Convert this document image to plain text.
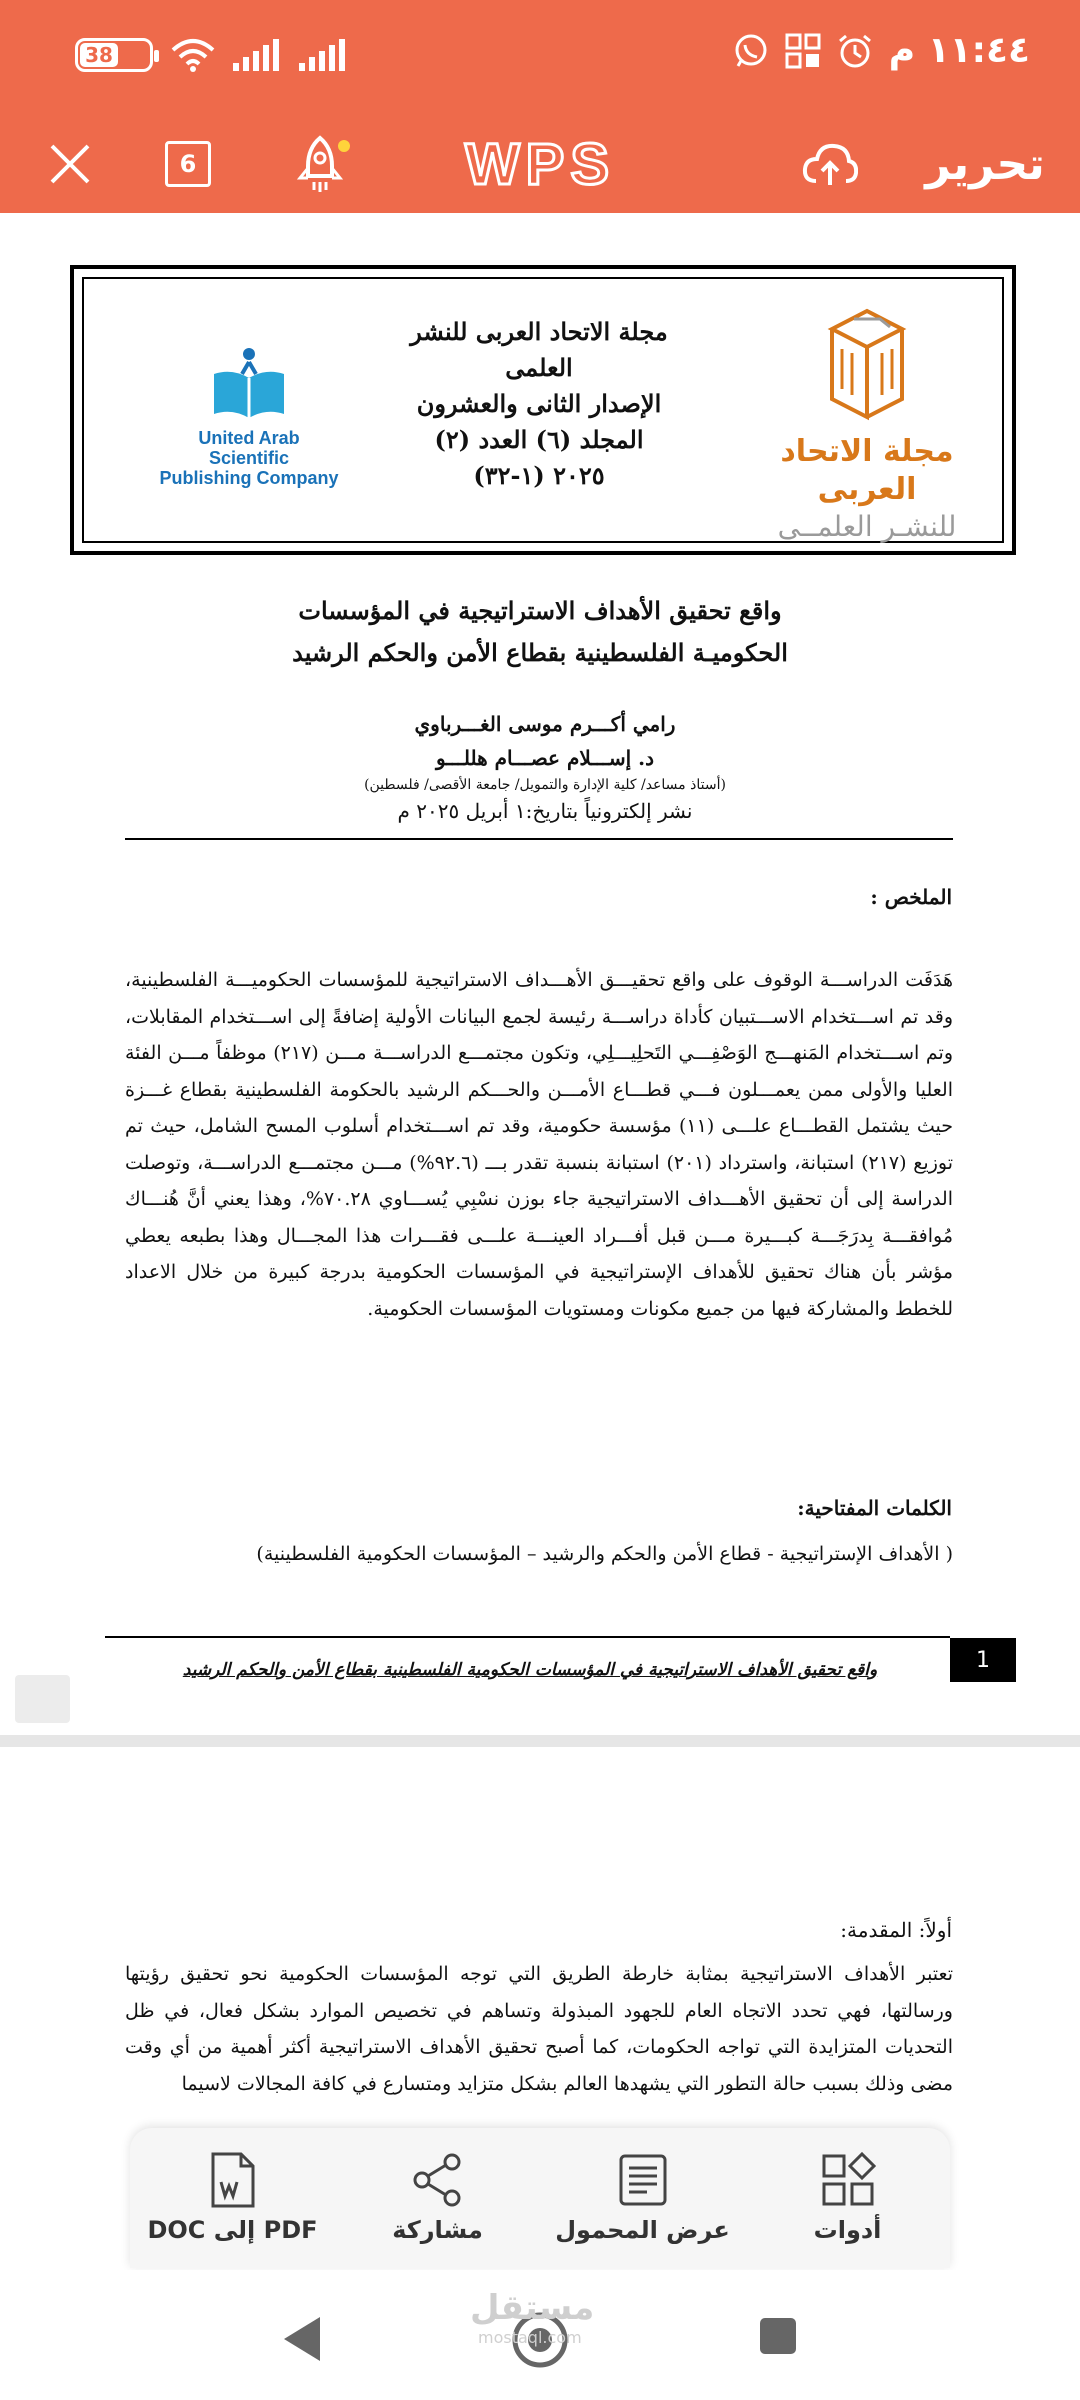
38	١١:٤٤ م
6	WPS	تحرير
United Arab Scientific
Publishing Company
مجلة الاتحاد العربى للنشر العلمى
الإصدار الثانى والعشرون
المجلد (٦) العدد (٢)
(١-٣٢) ٢٠٢٥
مجلة الاتحاد العربى
للنشـر العلمــى
واقع تحقيق الأهداف الاستراتيجية في المؤسسات
الحكوميـة الفلسطينية بقطاع الأمن والحكم الرشيد
رامي أكـــرم موسى الغـــرباوي
د. إســـلام عصـــام هللـــو
(أستاذ مساعد/ كلية الإدارة والتمويل/ جامعة الأقصى/ فلسطين)
نشر إلكترونياً بتاريخ:١ أبريل ٢٠٢٥ م
الملخص :
هَدَفَت الدراســـة الوقوف على واقع تحقيـــق الأهـــداف الاستراتيجية للمؤسسات الحكوميـــة الفلسطينية، وقد تم اســـتخدام الاســـتبيان كأداة دراســـة رئيسة لجمع البيانات الأولية إضافةً إلى اســـتخدام المقابلات، وتم اســـتخدام المَنهـــج الوَصْفِـــي التَحلِيـــلِي، وتكون مجتمـــع الدراســـة مـــن (٢١٧) موظفاً مـــن الفئة العليا والأولى ممن يعمـــلون فـــي قطـــاع الأمـــن والحـــكم الرشيد بالحكومة الفلسطينية بقطاع غـــزة حيث يشتمل القطـــاع علـــى (١١) مؤسسة حكومية، وقد تم اســـتخدام أسلوب المسح الشامل، حيث تم توزيع (٢١٧) استبانة، واسترداد (٢٠١) استبانة بنسبة تقدر بـــ (٩٢.٦%) مـــن مجتمـــع الدراســـة، وتوصلت الدراسة إلى أن تحقيق الأهـــداف الاستراتيجية جاء بوزن نسْبِي يُســـاوي ٧٠.٢٨%، وهذا يعني أنَّ هُنـــاك مُوافقـــة بِدرَجَـــة كبـــيرة مـــن قبل أفـــراد العينـــة علـــى فقـــرات هذا المجـــال وهذا بطبعه يعطي مؤشر بأن هناك تحقيق للأهداف الإستراتيجية في المؤسسات الحكومية بدرجة كبيرة من خلال الاعداد للخطط والمشاركة فيها من جميع مكونات ومستويات المؤسسات الحكومية.
الكلمات المفتاحية:
( الأهداف الإستراتيجية - قطاع الأمن والحكم والرشيد – المؤسسات الحكومية الفلسطينية)
1
واقع تحقيق الأهداف الاستراتيجية في المؤسسات الحكومية الفلسطينية بقطاع الأمن والحكم الرشيد
أولاً: المقدمة:
تعتبر الأهداف الاستراتيجية بمثابة خارطة الطريق التي توجه المؤسسات الحكومية نحو تحقيق رؤيتها ورسالتها، فهي تحدد الاتجاه العام للجهود المبذولة وتساهم في تخصيص الموارد بشكل فعال، في ظل التحديات المتزايدة التي تواجه الحكومات، كما أصبح تحقيق الأهداف الاستراتيجية أكثر أهمية من أي وقت مضى وذلك بسبب حالة التطور التي يشهدها العالم بشكل متزايد ومتسارع في كافة المجالات لاسيما
DOC إلى PDF	مشاركة	عرض المحمول	أدوات
مستقل
mostaql.com
